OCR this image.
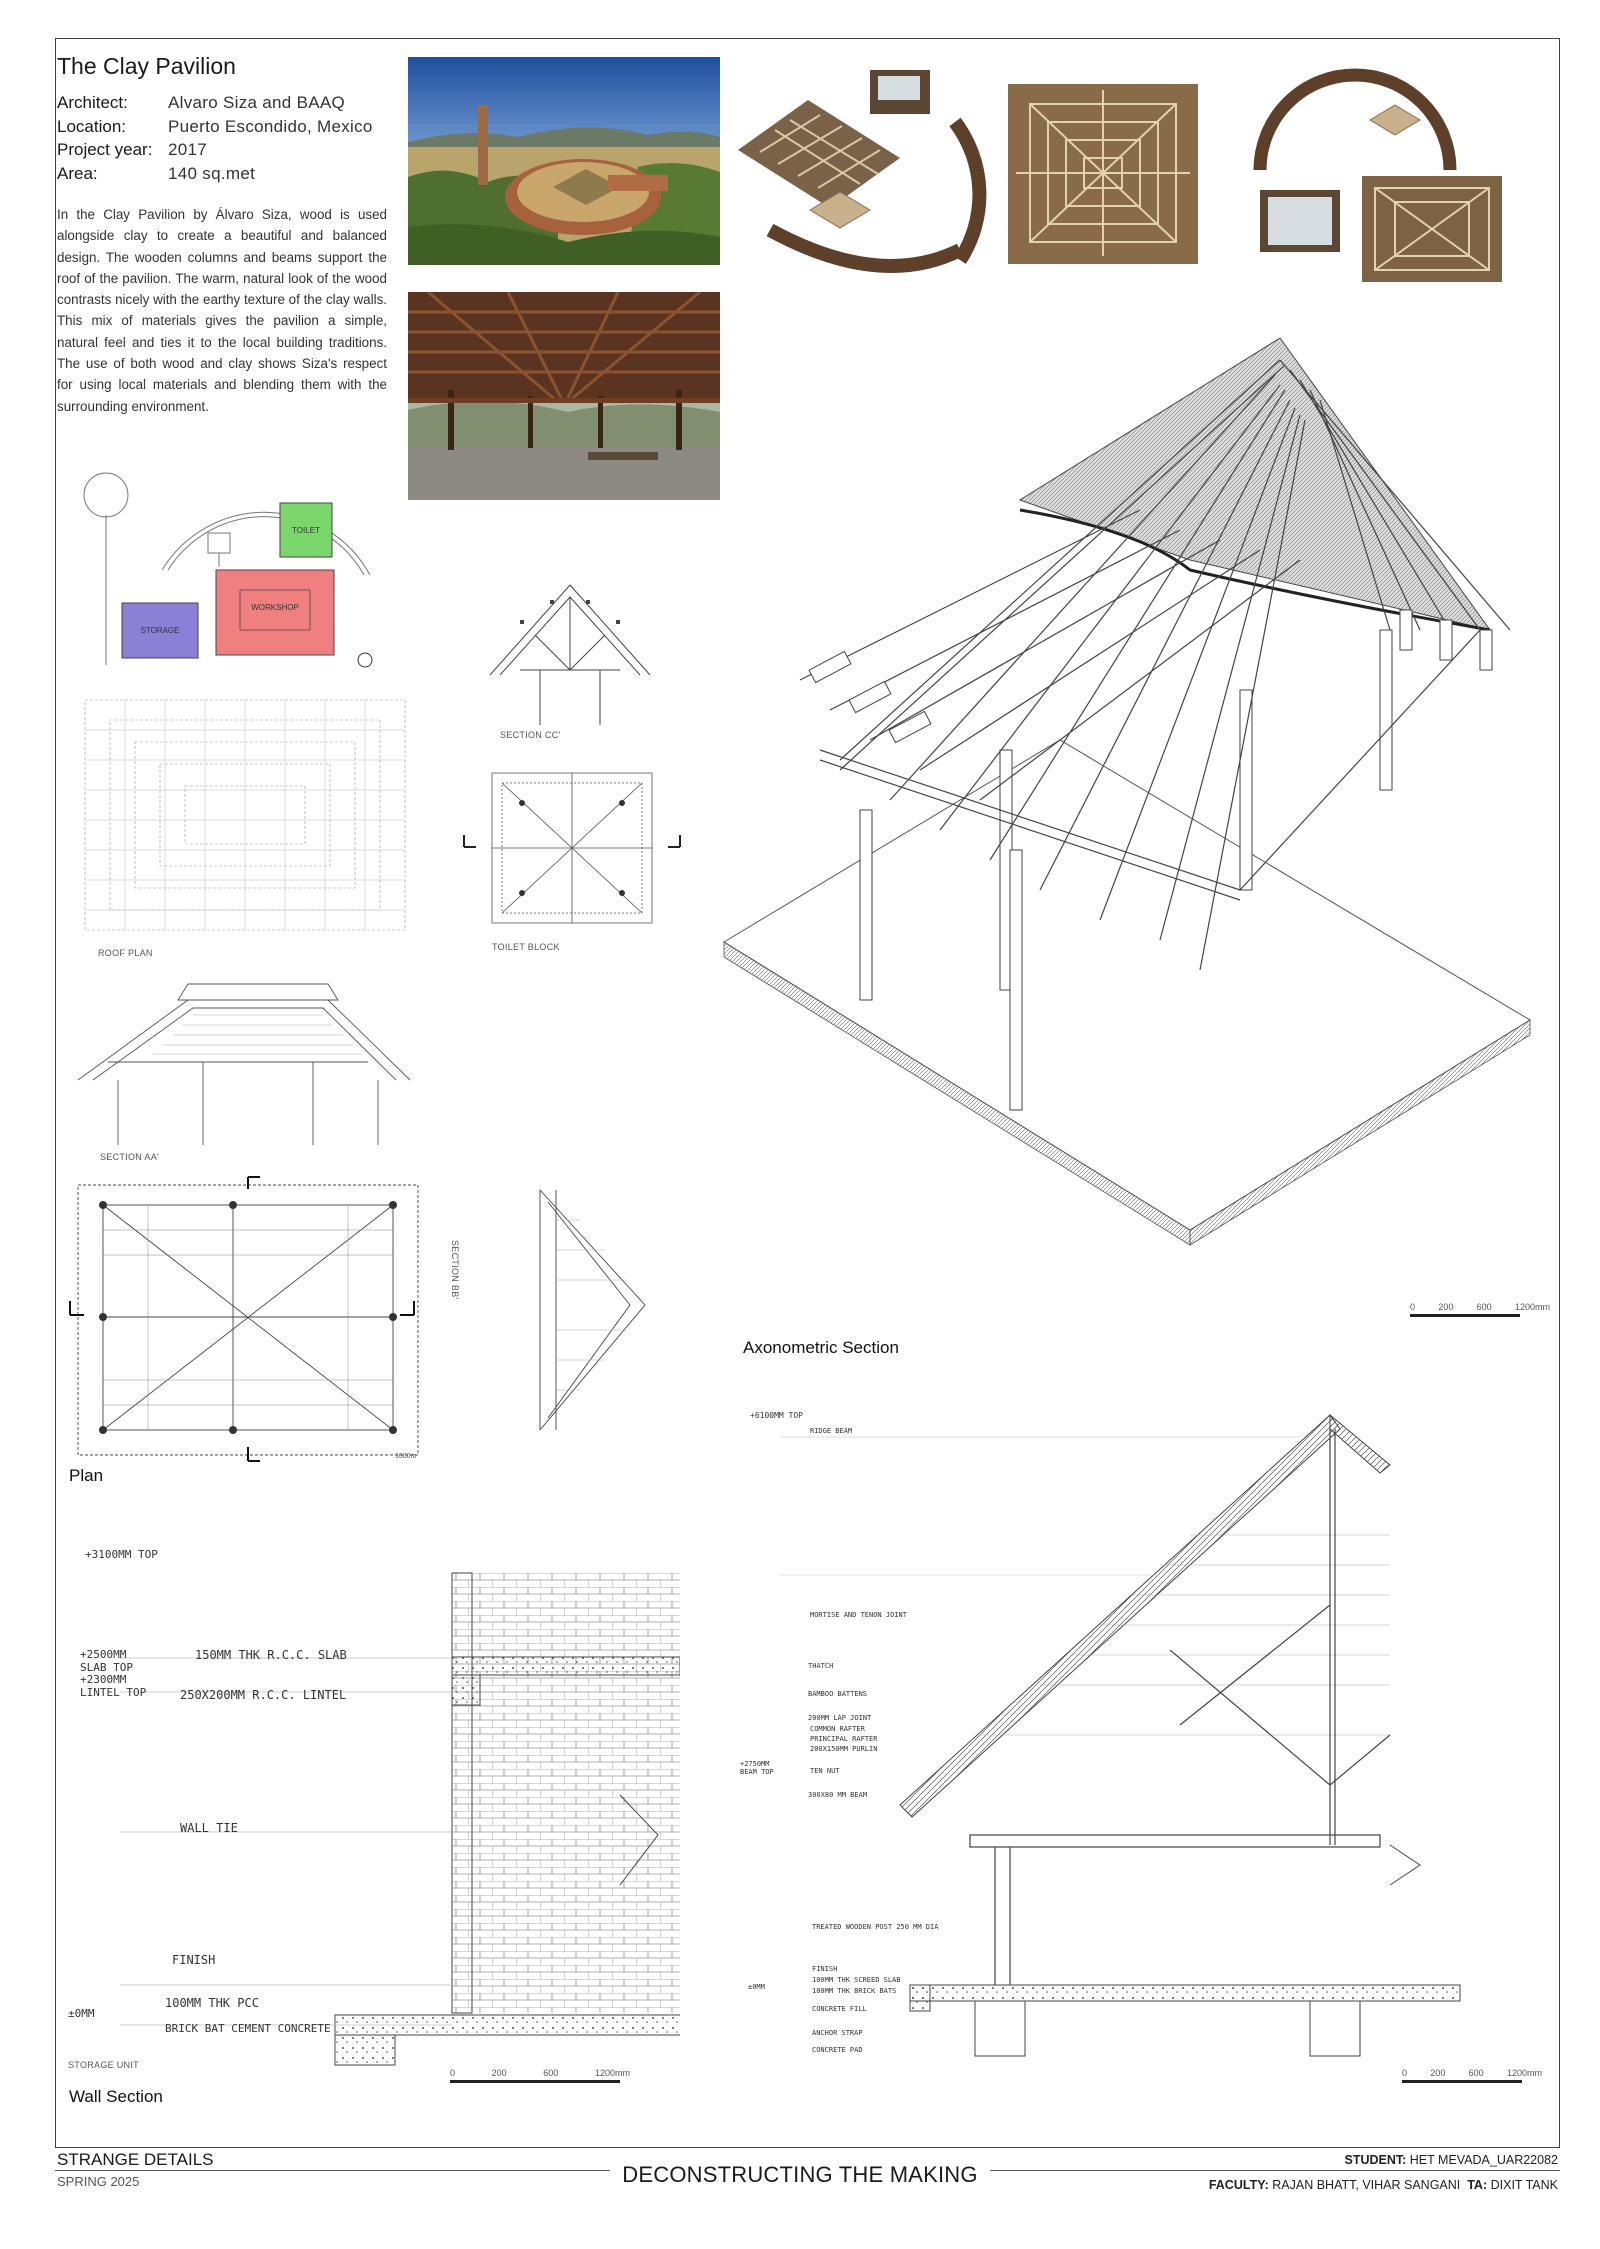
The Clay Pavilion
Architect:	Alvaro Siza and BAAQ
Location:	Puerto Escondido, Mexico
Project year: 2017
Area:	140 sq.met
In the Clay Pavilion by Álvaro Siza, wood is used alongside clay to create a beautiful and balanced design. The wooden columns and beams support the roof of the pavilion. The warm, natural look of the wood contrasts nicely with the earthy texture of the clay walls. This mix of materials gives the pavilion a simple, natural feel and ties it to the local building traditions. The use of both wood and clay shows Siza's respect for using local materials and blending them with the surrounding environment.
TOILET
WORKSHOP
STORAGE
SECTION CC'
ROOF PLAN
TOILET BLOCK
SECTION AA'
1000m
SECTION BB'
Plan
0	200	600	1200mm
Axonometric Section
+3100MM TOP
+2500MM SLAB TOP
+2300MM LINTEL TOP
150MM THK R.C.C. SLAB
250X200MM R.C.C. LINTEL
WALL TIE
FINISH
100MM THK PCC
BRICK BAT CEMENT CONCRETE
±0MM
STORAGE UNIT
0	200	600	1200mm
Wall Section
+6100MM TOP
RIDGE BEAM
MORTISE AND TENON JOINT
THATCH
BAMBOO BATTENS
200MM LAP JOINT
COMMON RAFTER
PRINCIPAL RAFTER
200X150MM PURLIN
+2750MM BEAM TOP	TEN NUT
300X80 MM BEAM
TREATED WOODEN POST 250 MM DIA
FINISH
100MM THK SCREED SLAB
100MM THK BRICK BATS
CONCRETE FILL
ANCHOR STRAP
CONCRETE PAD
±0MM
0	200	600	1200mm
STRANGE DETAILS
SPRING 2025	DECONSTRUCTING THE MAKING
STUDENT: HET MEVADA_UAR22082
FACULTY: RAJAN BHATT, VIHAR SANGANI TA: DIXIT TANK
